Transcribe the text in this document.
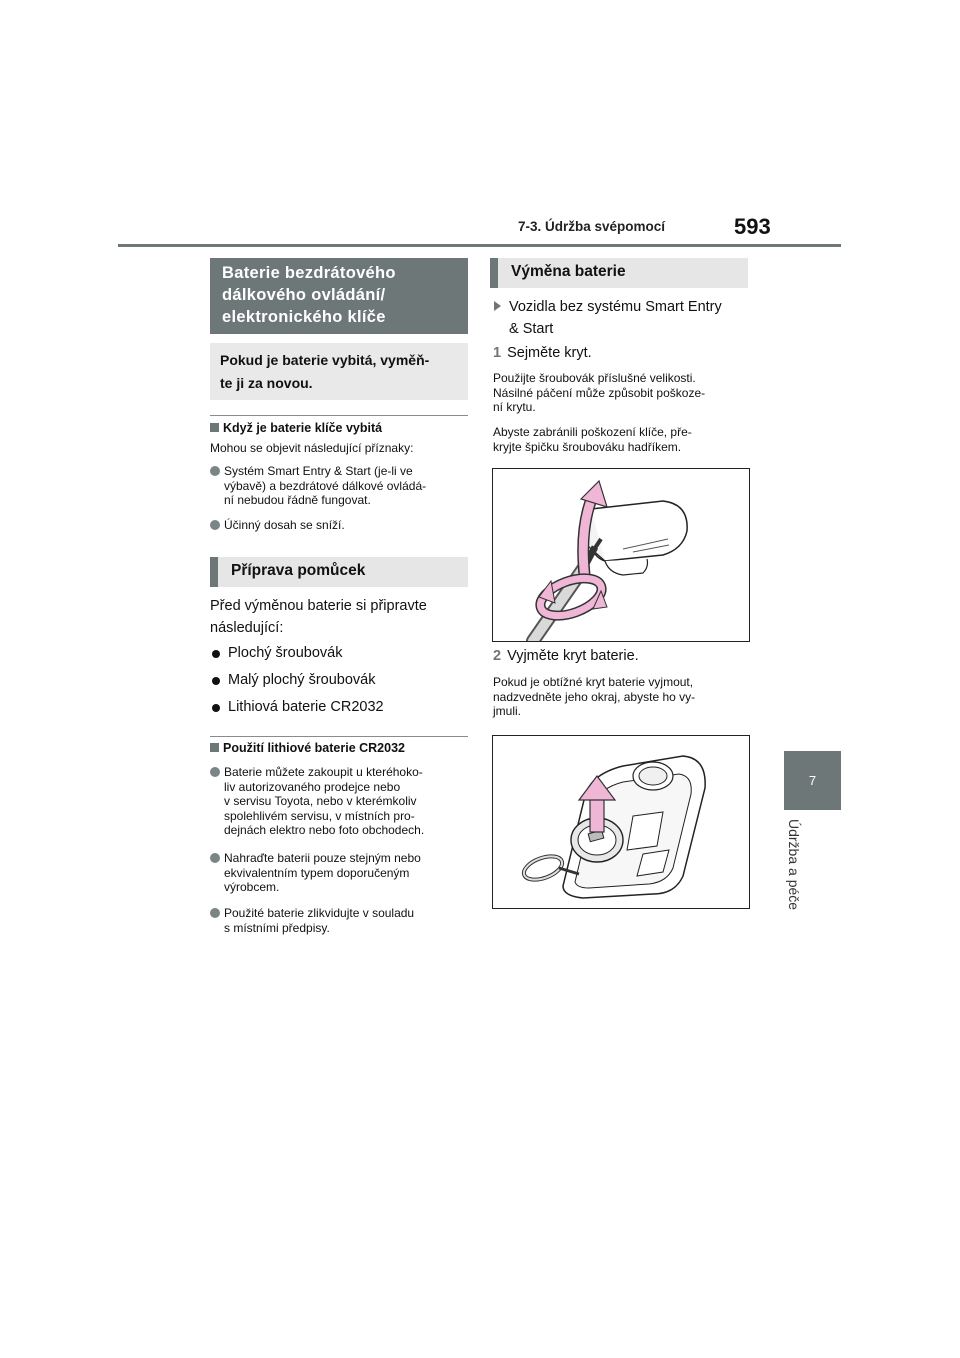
7-3. Údržba svépomocí	593
7
Údržba a péče
Baterie bezdrátového
dálkového ovládání/
elektronického klíče
Pokud je baterie vybitá, vyměň-
te ji za novou.
Když je baterie klíče vybitá
Mohou se objevit následující příznaky:
Systém Smart Entry & Start (je-li ve
výbavě) a bezdrátové dálkové ovládá-
ní nebudou řádně fungovat.
Účinný dosah se sníží.
Příprava pomůcek
Před výměnou baterie si připravte
následující:
Plochý šroubovák
Malý plochý šroubovák
Lithiová baterie CR2032
Použití lithiové baterie CR2032
Baterie můžete zakoupit u kteréhoko-
liv autorizovaného prodejce nebo
v servisu Toyota, nebo v kterémkoliv
spolehlivém servisu, v místních pro-
dejnách elektro nebo foto obchodech.
Nahraďte baterii pouze stejným nebo
ekvivalentním typem doporučeným
výrobcem.
Použité baterie zlikvidujte v souladu
s místními předpisy.
Výměna baterie
Vozidla bez systému Smart Entry
& Start
1 Sejměte kryt.
Použijte šroubovák příslušné velikosti.
Násilné páčení může způsobit poškoze-
ní krytu.
Abyste zabránili poškození klíče, pře-
kryjte špičku šroubováku hadříkem.
2 Vyjměte kryt baterie.
Pokud je obtížné kryt baterie vyjmout,
nadzvedněte jeho okraj, abyste ho vy-
jmuli.
